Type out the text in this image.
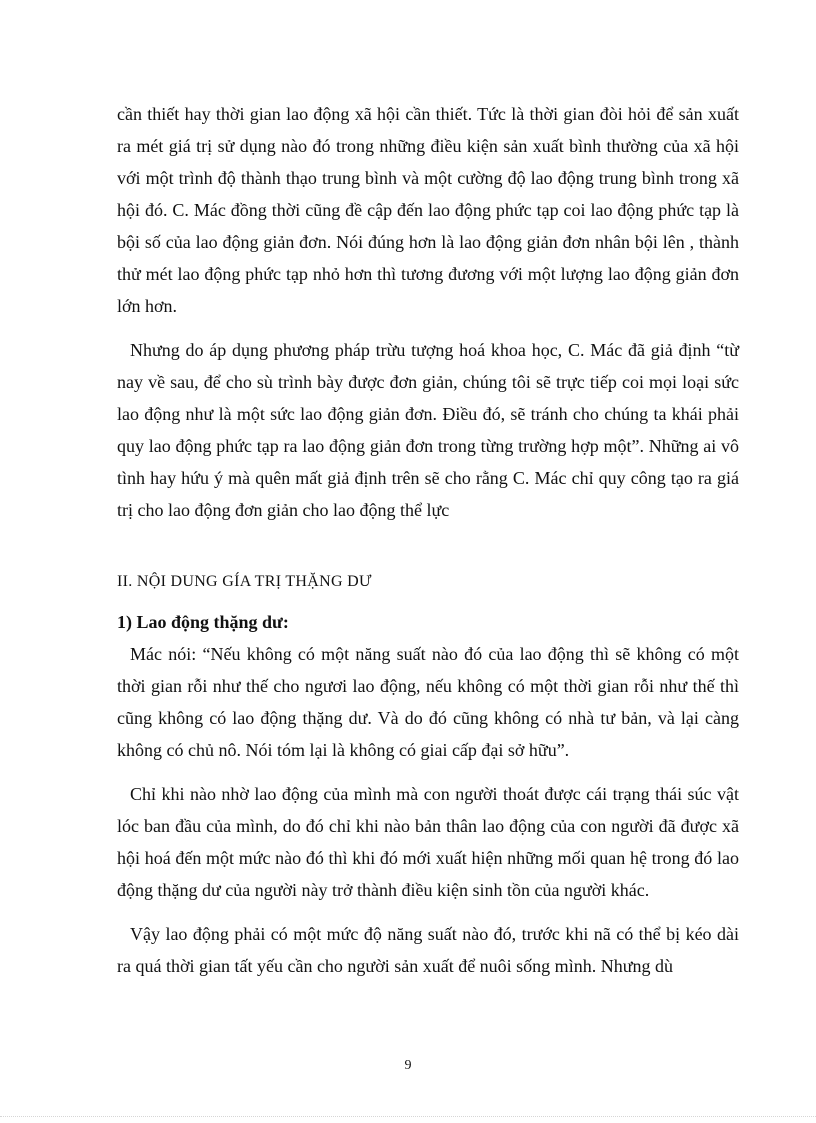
cần thiết hay thời gian lao động xã hội cần thiết. Tức là thời gian đòi hỏi để sản xuất ra mét giá trị sử dụng nào đó trong những điều kiện sản xuất bình thường của xã hội với một trình độ thành thạo trung bình và một cường độ lao động trung bình trong xã hội đó. C. Mác đồng thời cũng đề cập đến lao động phức tạp coi lao động phức tạp là bội số của lao động giản đơn. Nói đúng hơn là lao động giản đơn nhân bội lên , thành thử mét lao động phức tạp nhỏ hơn thì tương đương với một lượng lao động giản đơn lớn hơn.

Nhưng do áp dụng phương pháp trừu tượng hoá khoa học, C. Mác đã giả định “từ nay về sau, để cho sù trình bày được đơn giản, chúng tôi sẽ trực tiếp coi mọi loại sức lao động như là một sức lao động giản đơn. Điều đó, sẽ tránh cho chúng ta khái phải quy lao động phức tạp ra lao động giản đơn trong từng trường hợp một”. Những ai vô tình hay hứu ý mà quên mất giả định trên sẽ cho rằng C. Mác chỉ quy công tạo ra giá trị cho lao động đơn giản cho lao động thể lực

II. NỘI DUNG GÍA TRỊ THẶNG DƯ

1) Lao động thặng dư:

Mác nói: “Nếu không có một năng suất nào đó của lao động thì sẽ không có một thời gian rỗi như thế cho ngươi lao động, nếu không có một thời gian rỗi như thế thì cũng không có lao động thặng dư. Và do đó cũng không có nhà tư bản, và lại càng không có chủ nô. Nói tóm lại là không có giai cấp đại sở hữu”.

Chỉ khi nào nhờ lao động của mình mà con người thoát được cái trạng thái súc vật lóc ban đầu của mình, do đó chỉ khi nào bản thân lao động của con người đã được xã hội hoá đến một mức nào đó thì khi đó mới xuất hiện những mối quan hệ trong đó lao động thặng dư của người này trở thành điều kiện sinh tồn của người khác.

Vậy lao động phải có một mức độ năng suất nào đó, trước khi nã có thể bị kéo dài ra quá thời gian tất yếu cần cho người sản xuất để nuôi sống mình. Nhưng dù

9
